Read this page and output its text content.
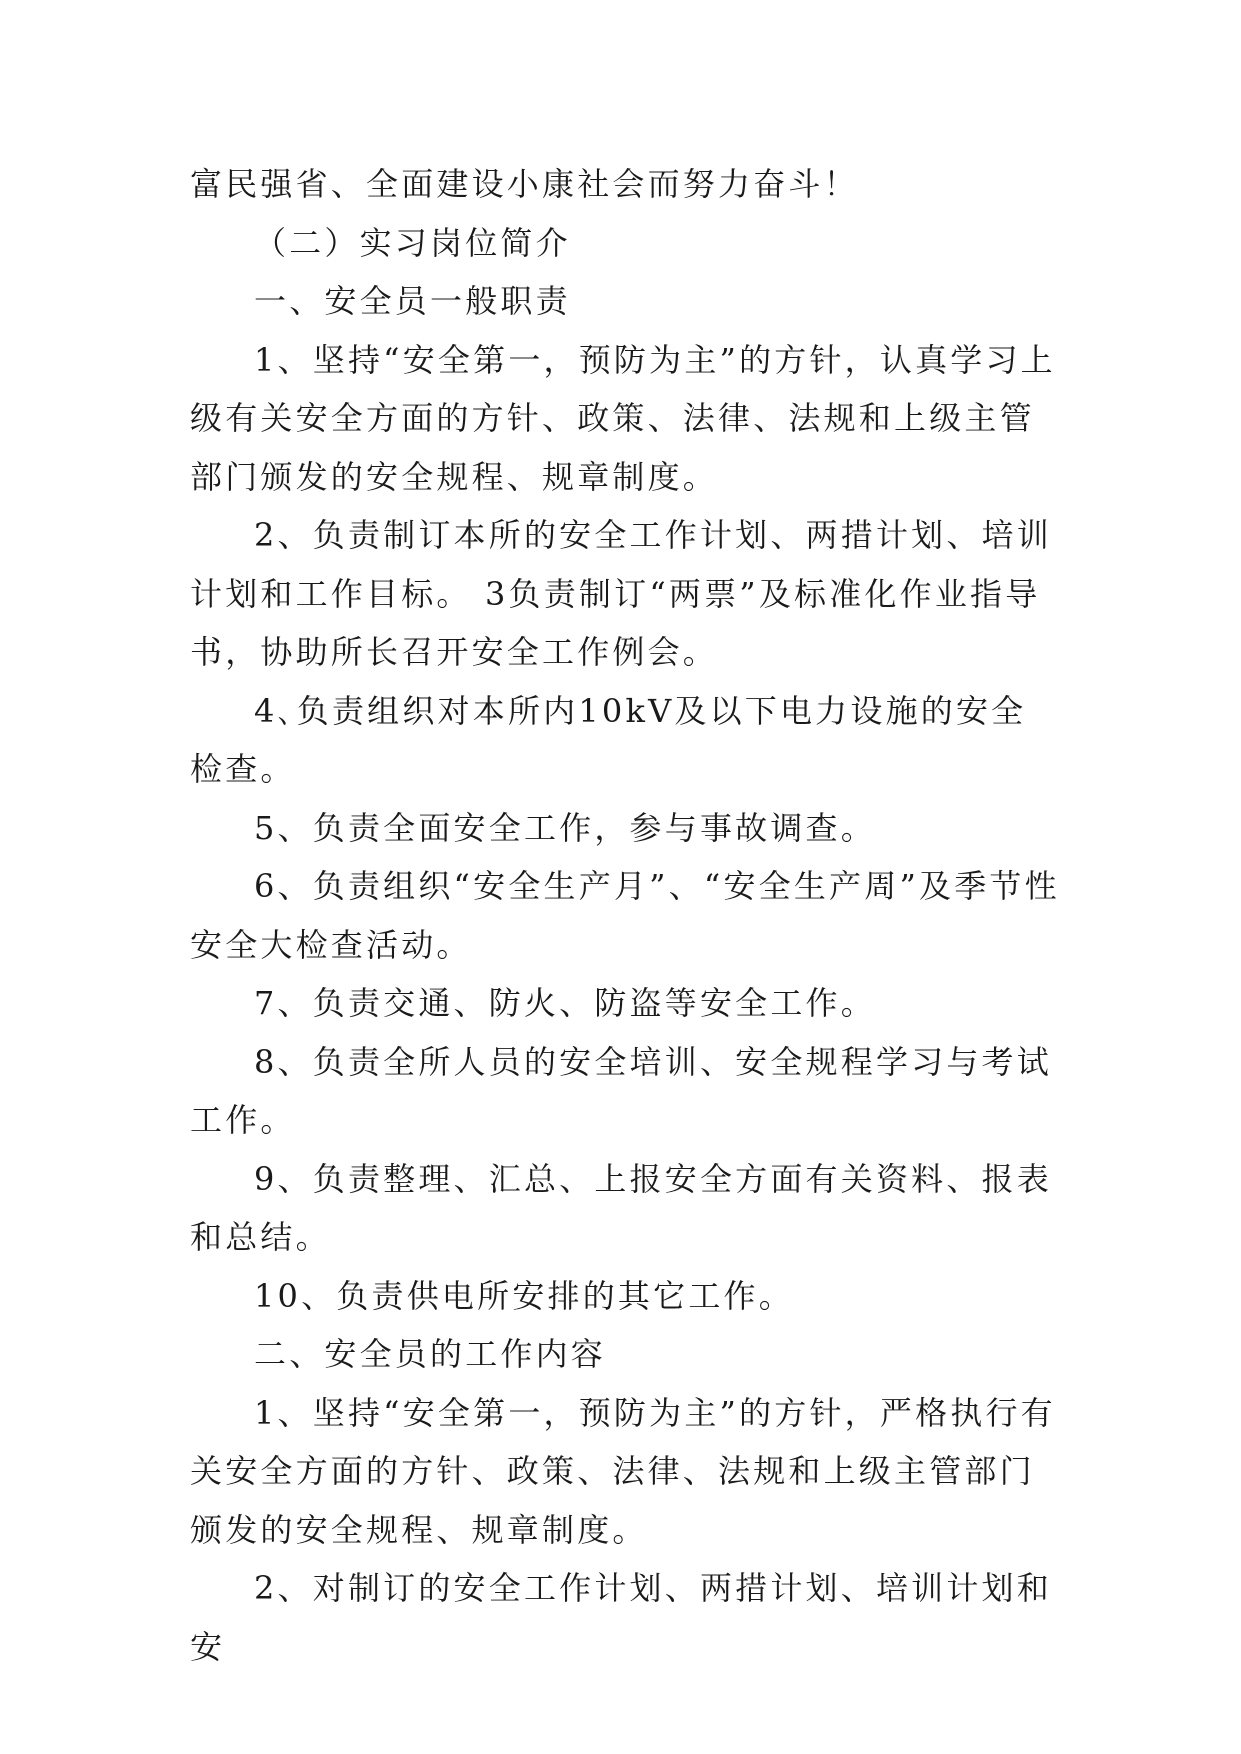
富民强省、全面建设小康社会而努力奋斗！

（二）实习岗位简介

一、安全员一般职责

1、坚持“安全第一，预防为主”的方针，认真学习上级有关安全方面的方针、政策、法律、法规和上级主管部门颁发的安全规程、规章制度。

2、负责制订本所的安全工作计划、两措计划、培训计划和工作目标。 3负责制订“两票”及标准化作业指导书，协助所长召开安全工作例会。

4､负责组织对本所内10kV及以下电力设施的安全检查。

5、负责全面安全工作，参与事故调查。

6、负责组织“安全生产月”、“安全生产周”及季节性安全大检查活动。

7、负责交通、防火、防盗等安全工作。

8、负责全所人员的安全培训、安全规程学习与考试工作。

9、负责整理、汇总、上报安全方面有关资料、报表和总结。

10、负责供电所安排的其它工作。

二、安全员的工作内容

1、坚持“安全第一，预防为主”的方针，严格执行有关安全方面的方针、政策、法律、法规和上级主管部门颁发的安全规程、规章制度。

2、对制订的安全工作计划、两措计划、培训计划和安
